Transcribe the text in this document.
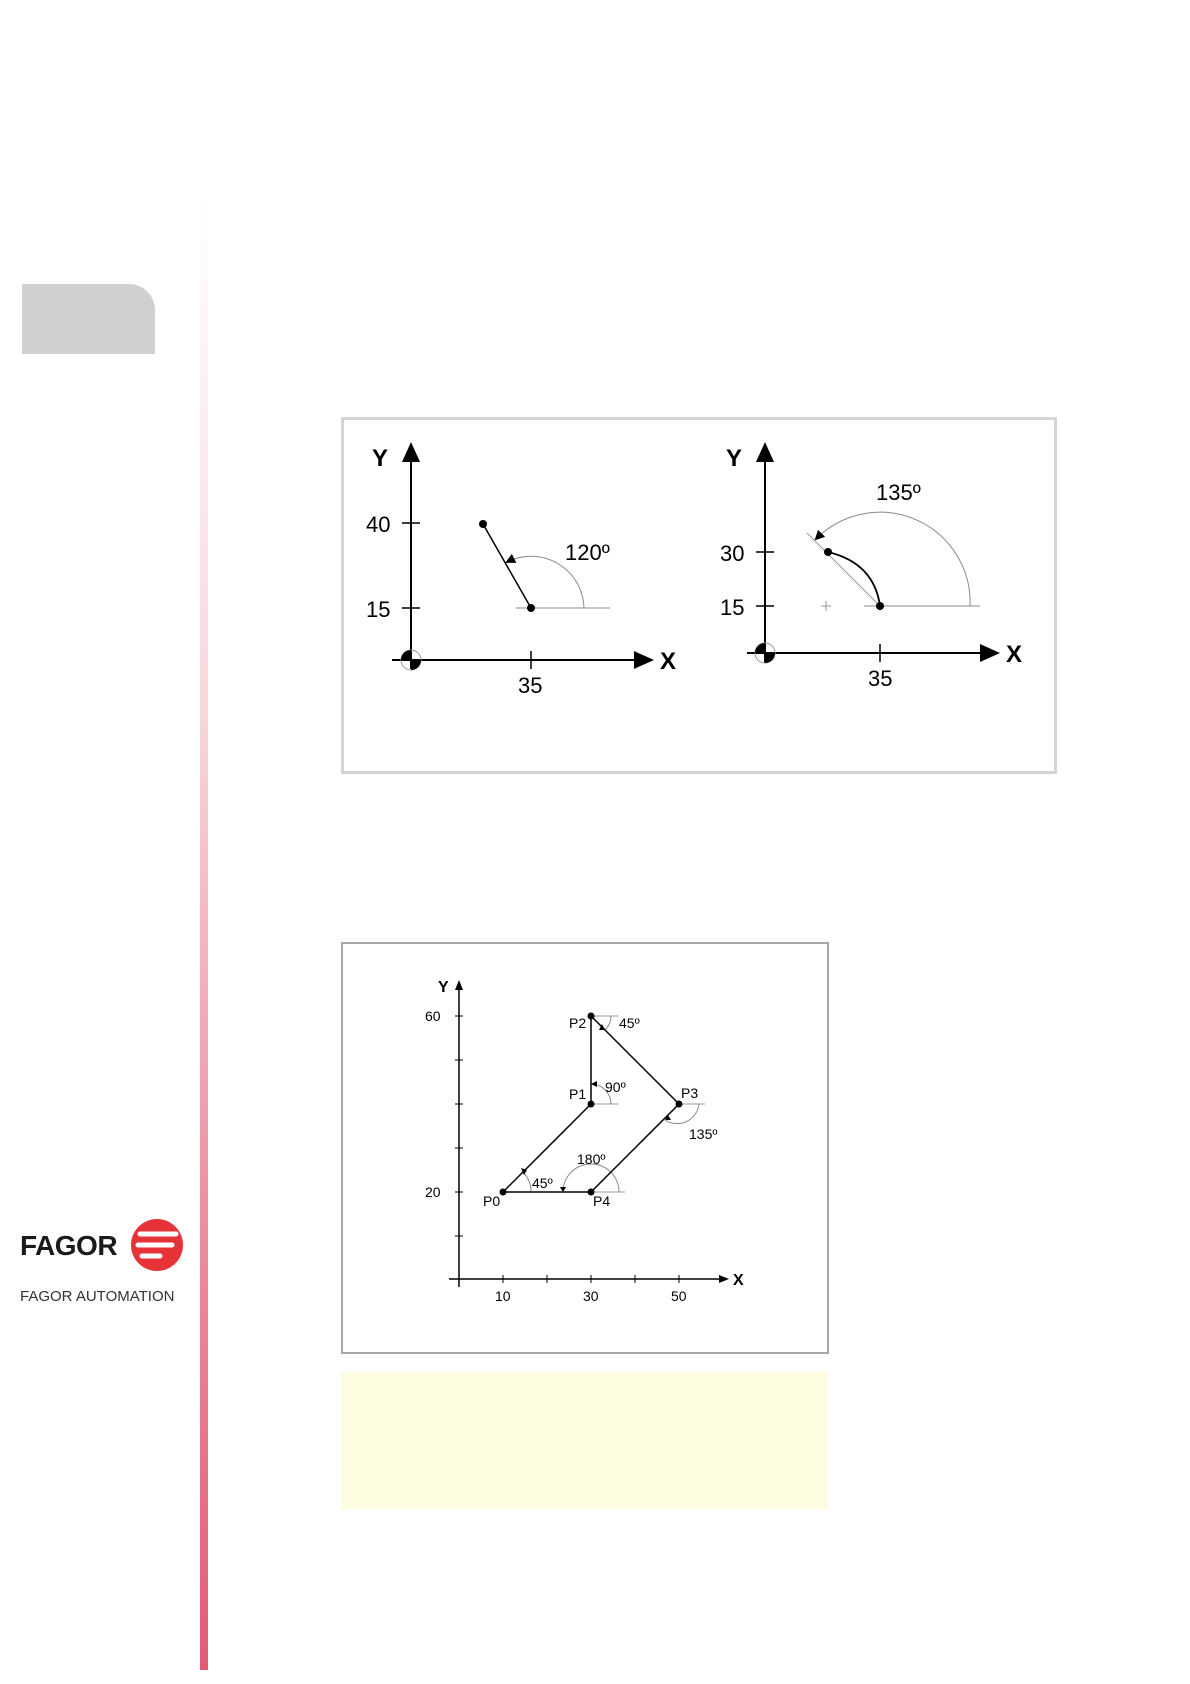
Y
X
40
15
35
120º
Y
X
30
15
35
135º
Y
X
60
20
10	30	50
P0
P1
P2
P3
P4
45º
90º
45º
135º
180º
FAGOR
FAGOR AUTOMATION
